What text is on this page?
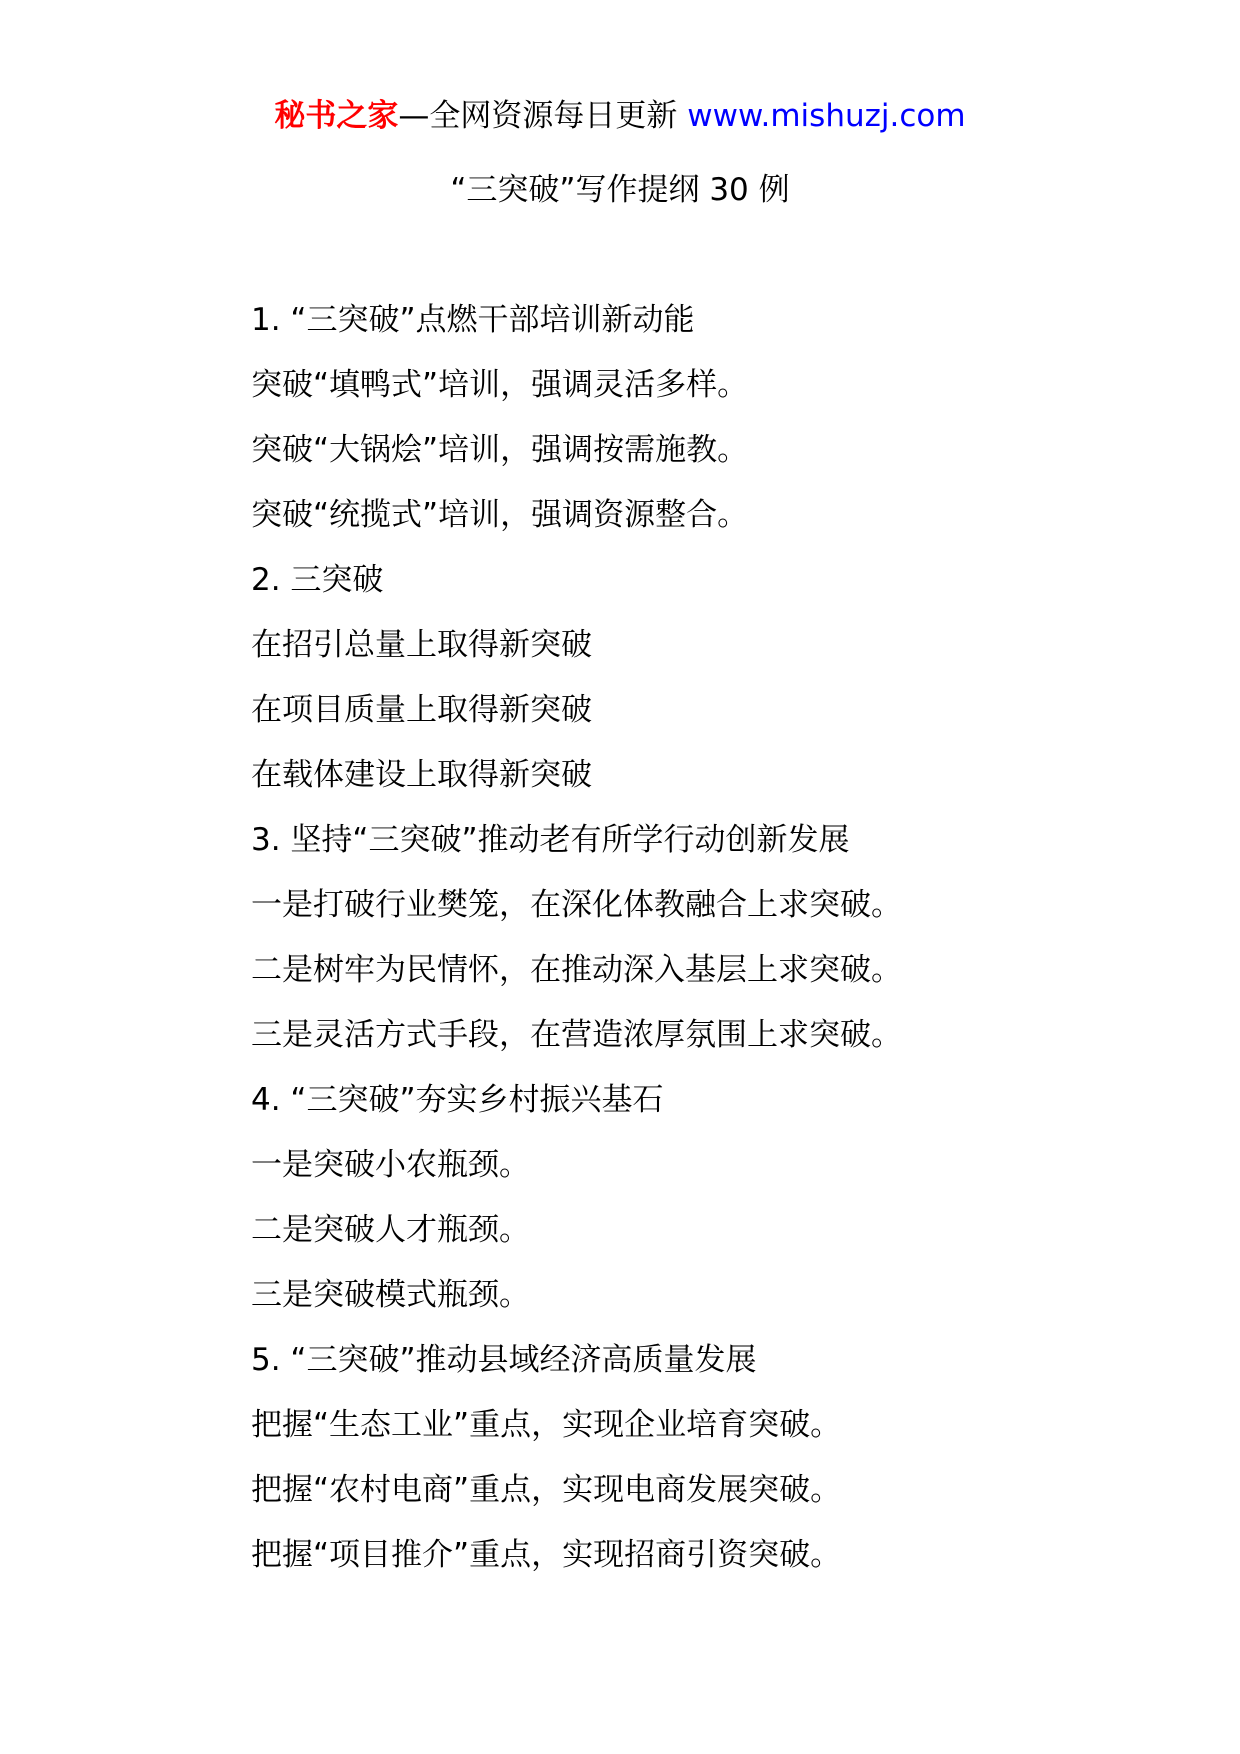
秘书之家—全网资源每日更新 www.mishuzj.com
“三突破”写作提纲 30 例
1. “三突破”点燃干部培训新动能
突破“填鸭式”培训，强调灵活多样。
突破“大锅烩”培训，强调按需施教。
突破“统揽式”培训，强调资源整合。
2. 三突破
在招引总量上取得新突破
在项目质量上取得新突破
在载体建设上取得新突破
3. 坚持“三突破”推动老有所学行动创新发展
一是打破行业樊笼，在深化体教融合上求突破。
二是树牢为民情怀，在推动深入基层上求突破。
三是灵活方式手段，在营造浓厚氛围上求突破。
4. “三突破”夯实乡村振兴基石
一是突破小农瓶颈。
二是突破人才瓶颈。
三是突破模式瓶颈。
5. “三突破”推动县域经济高质量发展
把握“生态工业”重点，实现企业培育突破。
把握“农村电商”重点，实现电商发展突破。
把握“项目推介”重点，实现招商引资突破。
